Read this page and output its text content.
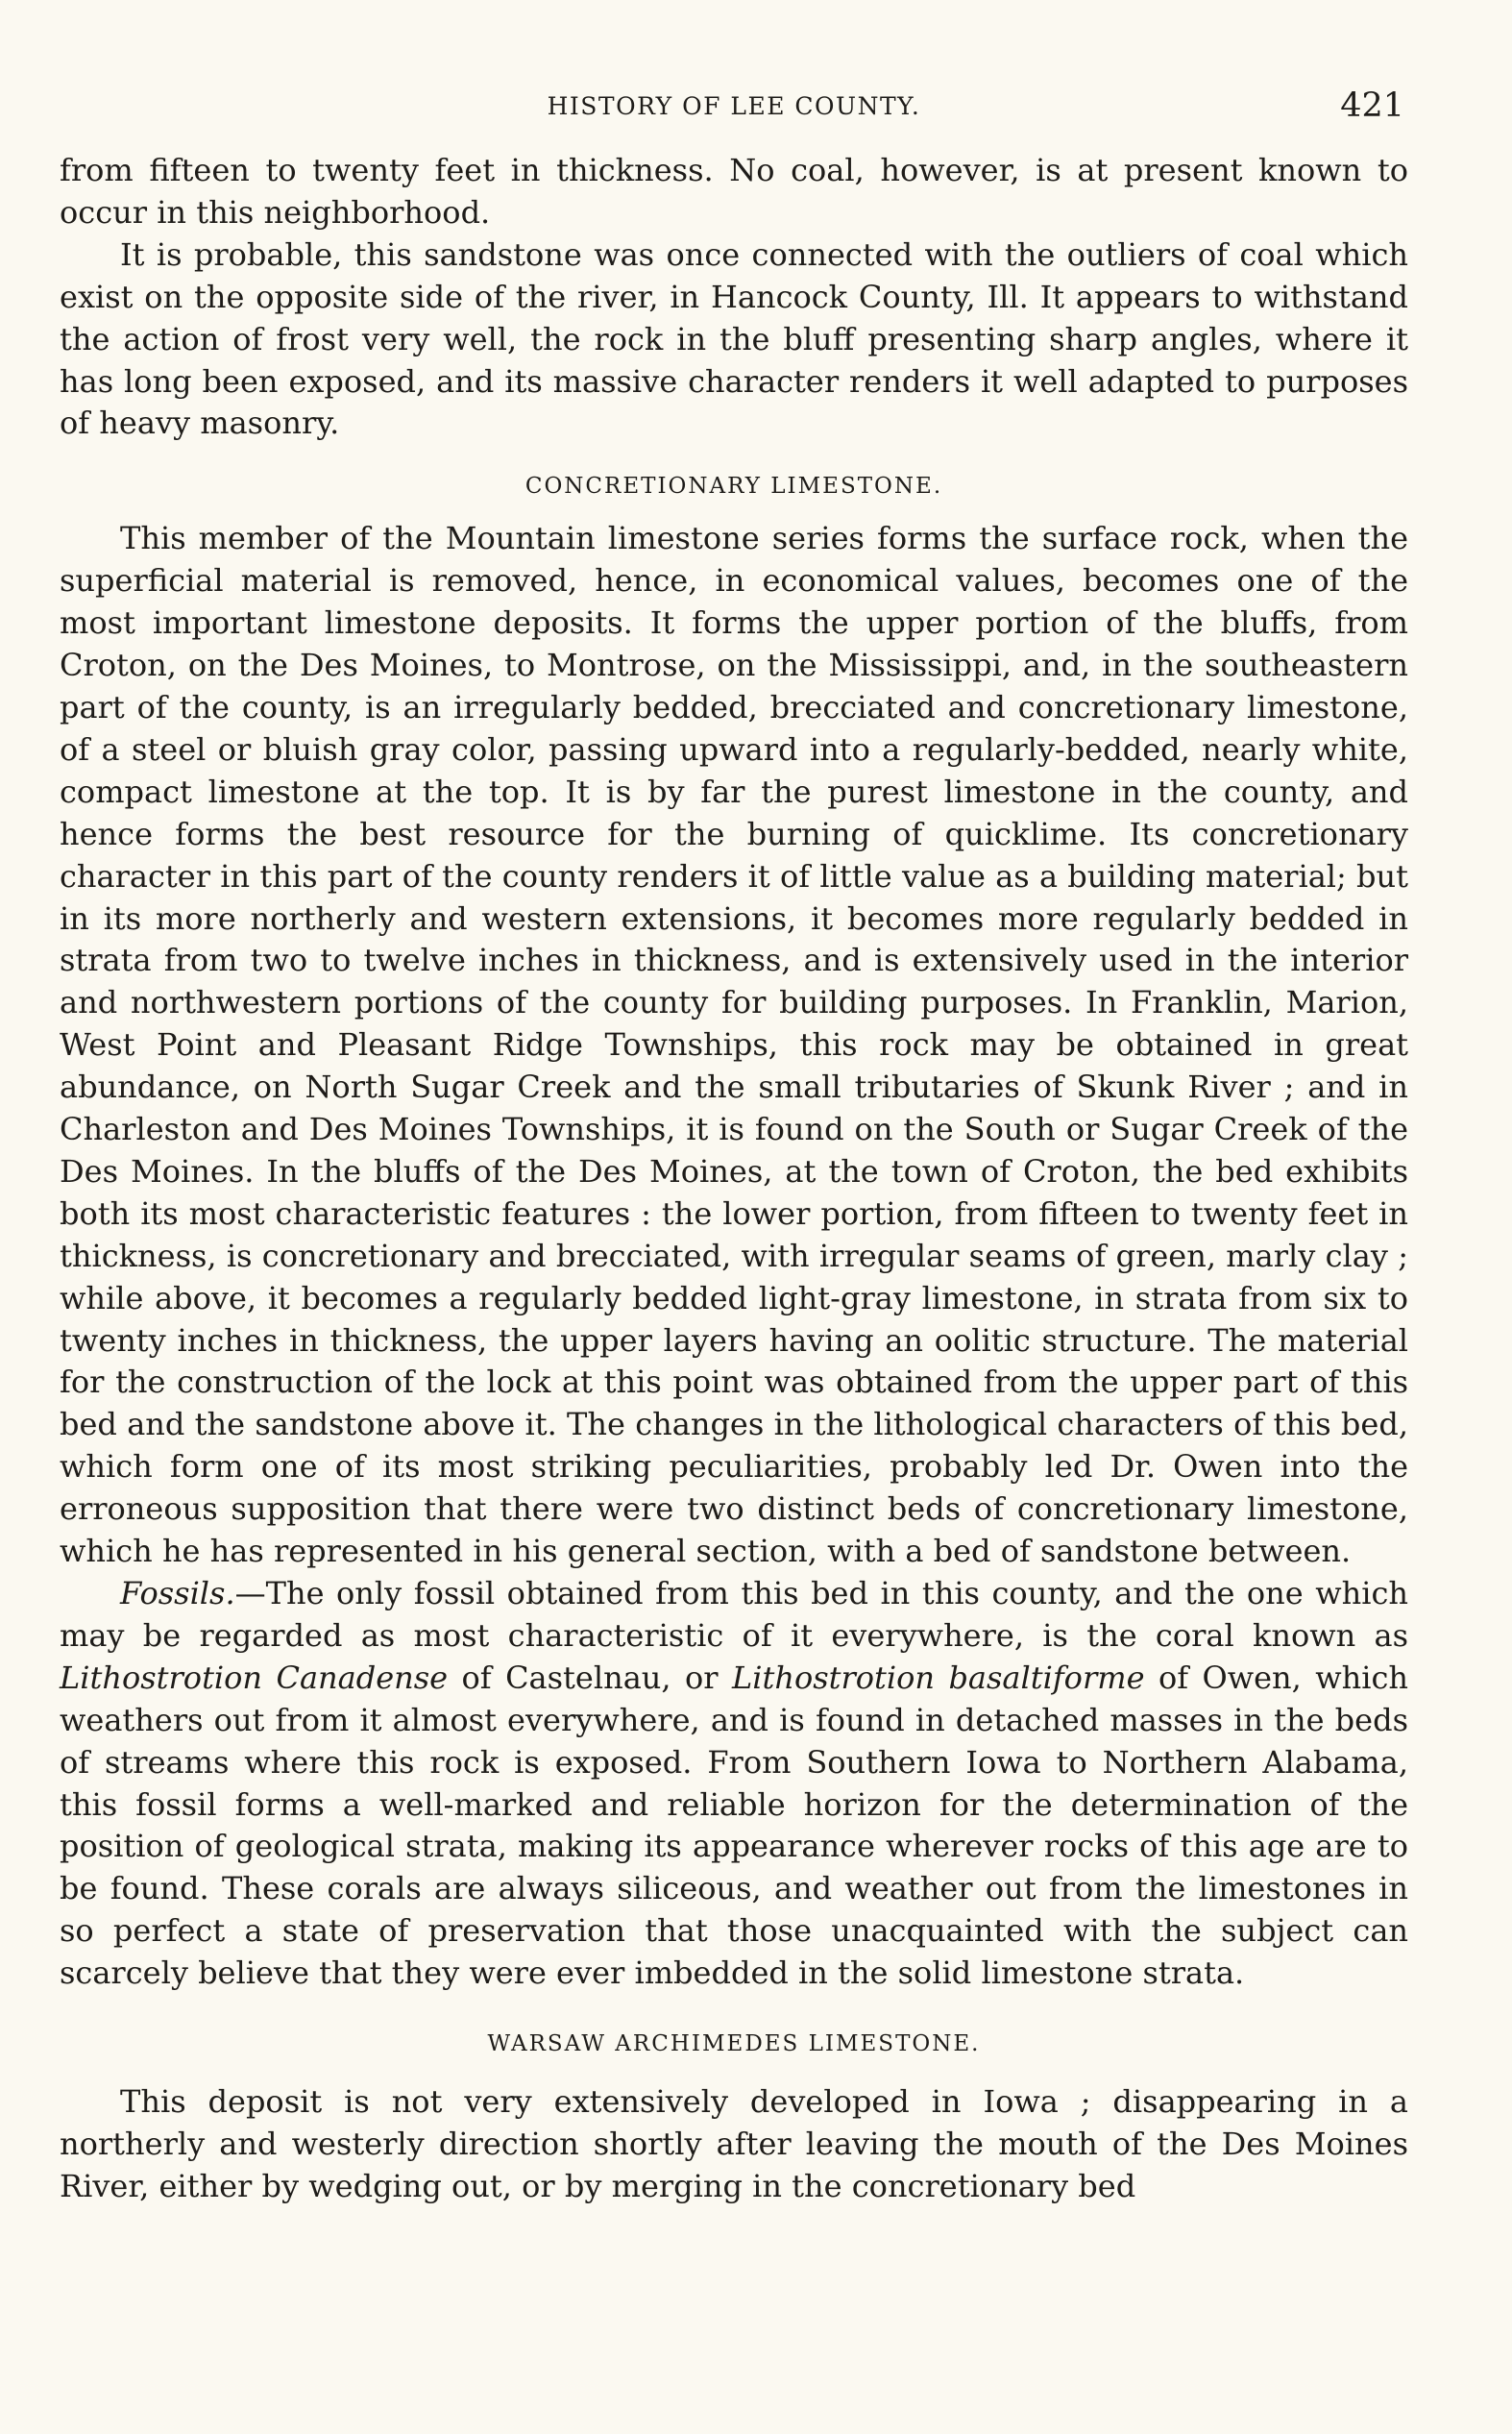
HISTORY OF LEE COUNTY.	421

from fifteen to twenty feet in thickness. No coal, however, is at present known to occur in this neighborhood.

It is probable, this sandstone was once connected with the outliers of coal which exist on the opposite side of the river, in Hancock County, Ill. It appears to withstand the action of frost very well, the rock in the bluff presenting sharp angles, where it has long been exposed, and its massive character renders it well adapted to purposes of heavy masonry.

CONCRETIONARY LIMESTONE.

This member of the Mountain limestone series forms the surface rock, when the superficial material is removed, hence, in economical values, becomes one of the most important limestone deposits. It forms the upper portion of the bluffs, from Croton, on the Des Moines, to Montrose, on the Mississippi, and, in the southeastern part of the county, is an irregularly bedded, brecciated and concretionary limestone, of a steel or bluish gray color, passing upward into a regularly-bedded, nearly white, compact limestone at the top. It is by far the purest limestone in the county, and hence forms the best resource for the burning of quicklime. Its concretionary character in this part of the county renders it of little value as a building material; but in its more northerly and western extensions, it becomes more regularly bedded in strata from two to twelve inches in thickness, and is extensively used in the interior and northwestern portions of the county for building purposes. In Franklin, Marion, West Point and Pleasant Ridge Townships, this rock may be obtained in great abundance, on North Sugar Creek and the small tributaries of Skunk River ; and in Charleston and Des Moines Townships, it is found on the South or Sugar Creek of the Des Moines. In the bluffs of the Des Moines, at the town of Croton, the bed exhibits both its most characteristic features : the lower portion, from fifteen to twenty feet in thickness, is concretionary and brecciated, with irregular seams of green, marly clay ; while above, it becomes a regularly bedded light-gray limestone, in strata from six to twenty inches in thickness, the upper layers having an oolitic structure. The material for the construction of the lock at this point was obtained from the upper part of this bed and the sandstone above it. The changes in the lithological characters of this bed, which form one of its most striking peculiarities, probably led Dr. Owen into the erroneous supposition that there were two distinct beds of concretionary limestone, which he has represented in his general section, with a bed of sandstone between.

Fossils.—The only fossil obtained from this bed in this county, and the one which may be regarded as most characteristic of it everywhere, is the coral known as Lithostrotion Canadense of Castelnau, or Lithostrotion basaltiforme of Owen, which weathers out from it almost everywhere, and is found in detached masses in the beds of streams where this rock is exposed. From Southern Iowa to Northern Alabama, this fossil forms a well-marked and reliable horizon for the determination of the position of geological strata, making its appearance wherever rocks of this age are to be found. These corals are always siliceous, and weather out from the limestones in so perfect a state of preservation that those unacquainted with the subject can scarcely believe that they were ever imbedded in the solid limestone strata.

WARSAW ARCHIMEDES LIMESTONE.

This deposit is not very extensively developed in Iowa ; disappearing in a northerly and westerly direction shortly after leaving the mouth of the Des Moines River, either by wedging out, or by merging in the concretionary bed
